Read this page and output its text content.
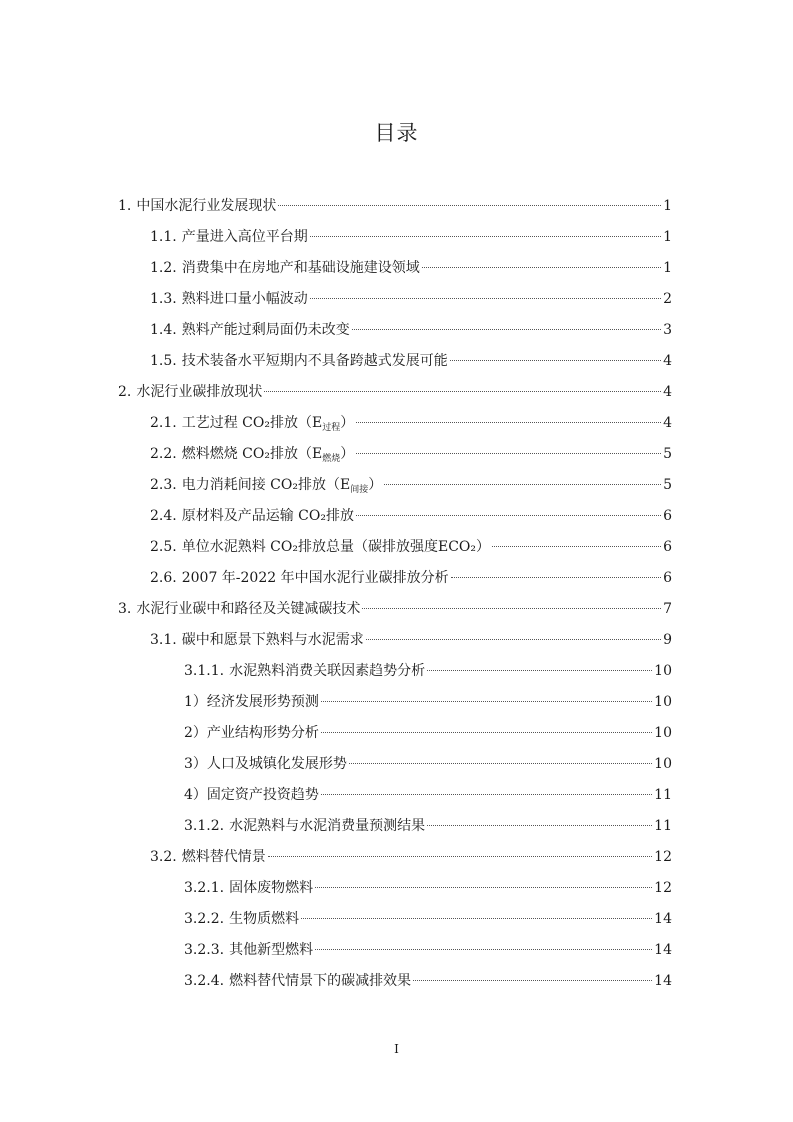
目录
1. 中国水泥行业发展现状	1
1.1. 产量进入高位平台期	1
1.2. 消费集中在房地产和基础设施建设领域	1
1.3. 熟料进口量小幅波动	2
1.4. 熟料产能过剩局面仍未改变	3
1.5. 技术装备水平短期内不具备跨越式发展可能	4
2. 水泥行业碳排放现状	4
2.1. 工艺过程 CO₂排放$(E_{过程})$	4
2.2. 燃料燃烧 CO₂排放$(E_{燃烧})$	5
2.3. 电力消耗间接 CO₂排放$(E_{间接})$	5
2.4. 原材料及产品运输 CO₂排放	6
2.5. 单位水泥熟料 CO₂排放总量（碳排放强度ECO₂）	6
2.6. 2007 年-2022 年中国水泥行业碳排放分析	6
3. 水泥行业碳中和路径及关键减碳技术	7
3.1. 碳中和愿景下熟料与水泥需求	9
3.1.1. 水泥熟料消费关联因素趋势分析	10
1） 经济发展形势预测	10
2） 产业结构形势分析	10
3） 人口及城镇化发展形势	10
4） 固定资产投资趋势	11
3.1.2. 水泥熟料与水泥消费量预测结果	11
3.2. 燃料替代情景	12
3.2.1. 固体废物燃料	12
3.2.2. 生物质燃料	14
3.2.3. 其他新型燃料	14
3.2.4. 燃料替代情景下的碳减排效果	14
I
